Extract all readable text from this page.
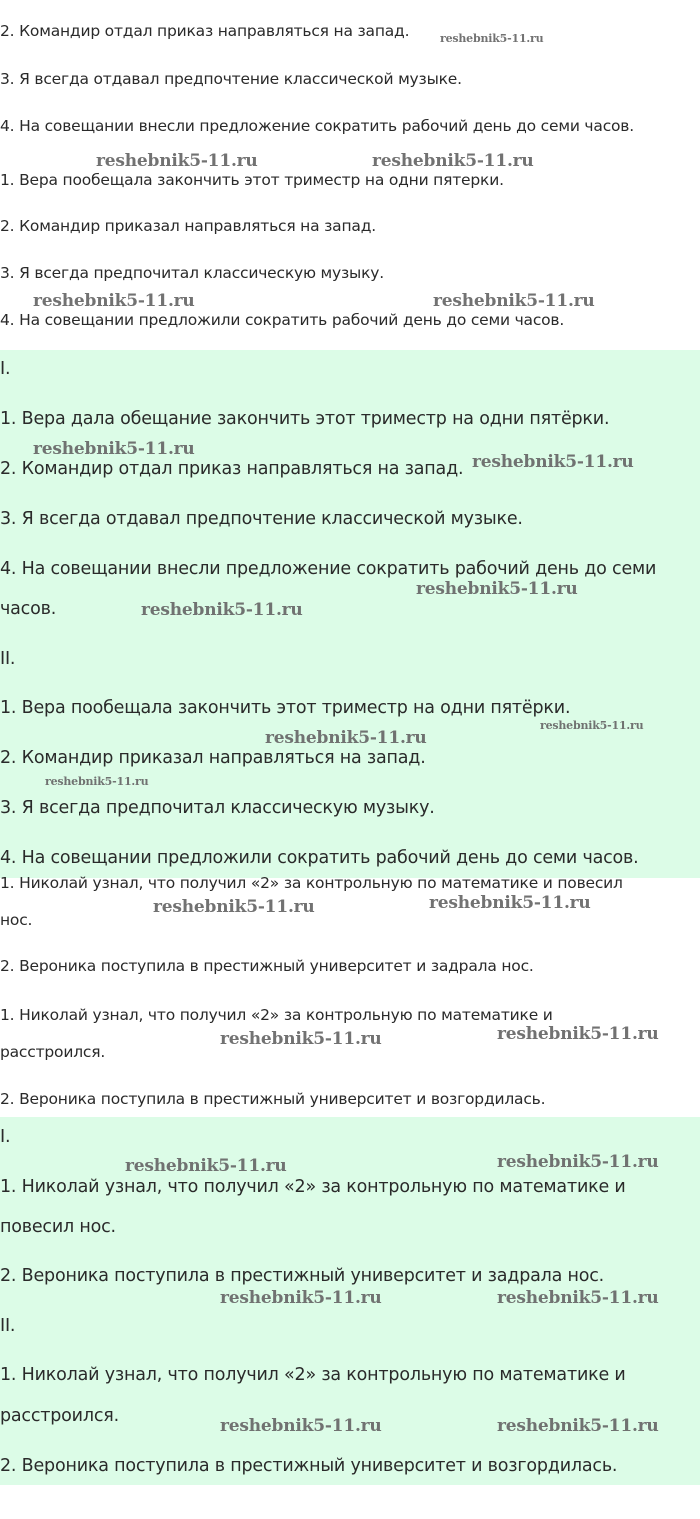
2. Командир отдал приказ направляться на запад.
3. Я всегда отдавал предпочтение классической музыке.
4. На совещании внесли предложение сократить рабочий день до семи часов.
1. Вера пообещала закончить этот триместр на одни пятерки.
2. Командир приказал направляться на запад.
3. Я всегда предпочитал классическую музыку.
4. На совещании предложили сократить рабочий день до семи часов.
I.
1. Вера дала обещание закончить этот триместр на одни пятёрки.
2. Командир отдал приказ направляться на запад.
3. Я всегда отдавал предпочтение классической музыке.
4. На совещании внесли предложение сократить рабочий день до семи
часов.
II.
1. Вера пообещала закончить этот триместр на одни пятёрки.
2. Командир приказал направляться на запад.
3. Я всегда предпочитал классическую музыку.
4. На совещании предложили сократить рабочий день до семи часов.
1. Николай узнал, что получил «2» за контрольную по математике и повесил
нос.
2. Вероника поступила в престижный университет и задрала нос.
1. Николай узнал, что получил «2» за контрольную по математике и
расстроился.
2. Вероника поступила в престижный университет и возгордилась.
I.
1. Николай узнал, что получил «2» за контрольную по математике и
повесил нос.
2. Вероника поступила в престижный университет и задрала нос.
II.
1. Николай узнал, что получил «2» за контрольную по математике и
расстроился.
2. Вероника поступила в престижный университет и возгордилась.
reshebnik5-11.ru
reshebnik5-11.ru	reshebnik5-11.ru
reshebnik5-11.ru	reshebnik5-11.ru
reshebnik5-11.ru
reshebnik5-11.ru
reshebnik5-11.ru
reshebnik5-11.ru
reshebnik5-11.ru
reshebnik5-11.ru
reshebnik5-11.ru
reshebnik5-11.ru
reshebnik5-11.ru
reshebnik5-11.ru
reshebnik5-11.ru
reshebnik5-11.ru
reshebnik5-11.ru
reshebnik5-11.ru	reshebnik5-11.ru
reshebnik5-11.ru	reshebnik5-11.ru
